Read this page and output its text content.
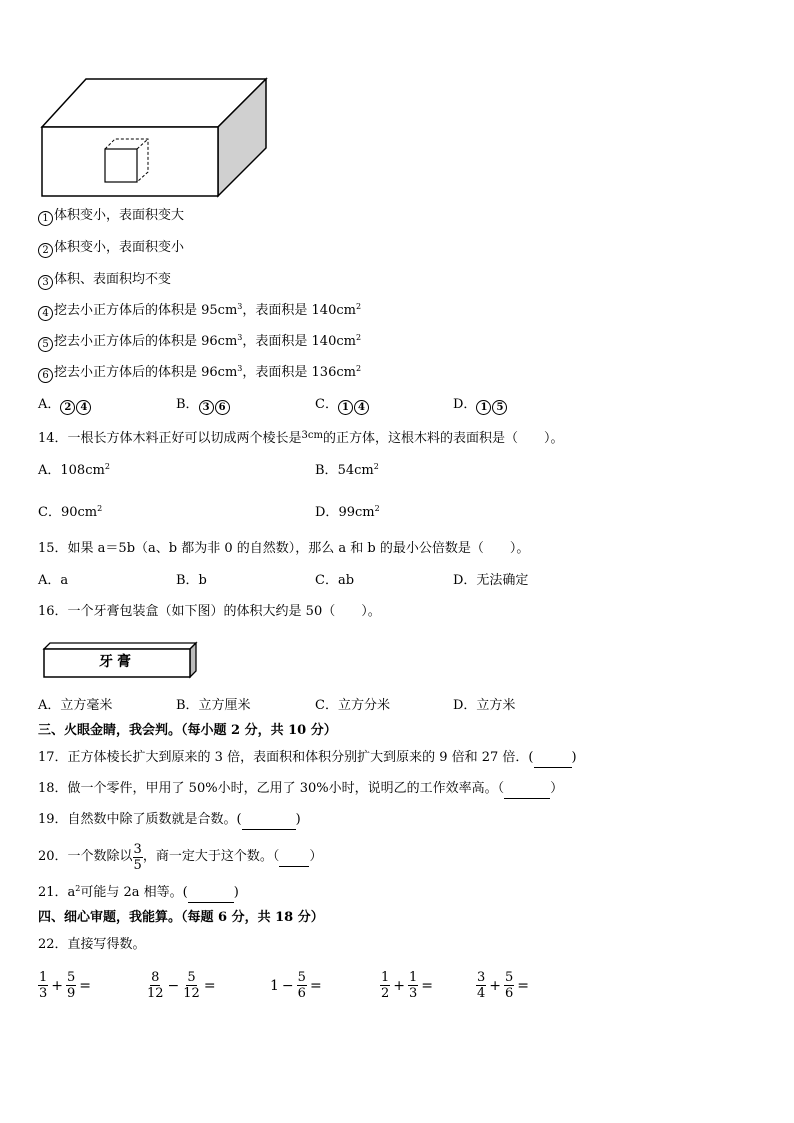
1 体积变小，表面积变大
2 体积变小，表面积变小
3 体积、表面积均不变
4 挖去小正方体后的体积是 $95cm^3$，表面积是 $140cm^2$
5 挖去小正方体后的体积是 $96cm^3$，表面积是 $140cm^2$
6 挖去小正方体后的体积是 $96cm^3$，表面积是 $136cm^2$
A． 2 4	B． 3 6	C． 1 4	D． 1 5
14．一根长方体木料正好可以切成两个棱长是$^{3cm}$的正方体，这根木料的表面积是（　　）。
A．$108cm^2$	B．$54cm^2$
C．$90cm^2$	D．$99cm^2$
15．如果 a＝5b（a、b 都为非 0 的自然数），那么 a 和 b 的最小公倍数是（　　）。
A．a	B．b	C．ab	D．无法确定
16．一个牙膏包装盒（如下图）的体积大约是 50（　　）。
牙膏
A．立方毫米	B．立方厘米	C．立方分米	D．立方米
三、火眼金睛，我会判。（每小题 2 分，共 10 分）
17．正方体棱长扩大到原来的 3 倍，表面积和体积分别扩大到原来的 9 倍和 27 倍．(	)
18．做一个零件，甲用了 50%小时，乙用了 30%小时，说明乙的工作效率高。（	）
19．自然数中除了质数就是合数。(	)
20．一个数除以 $\frac{3}{5}$ ，商一定大于这个数。（
）
21．$a^2$可能与 2a 相等。(	)
四、细心审题，我能算。（每题 6 分，共 18 分）
22．直接写得数。
$\frac{1}{3} + \frac{5}{9}$ =	$\frac{8}{12} - \frac{5}{12}$ =	$1 - \frac{5}{6}$ =	$\frac{1}{2} + \frac{1}{3}$ =	$\frac{3}{4} + \frac{5}{6}$ =
